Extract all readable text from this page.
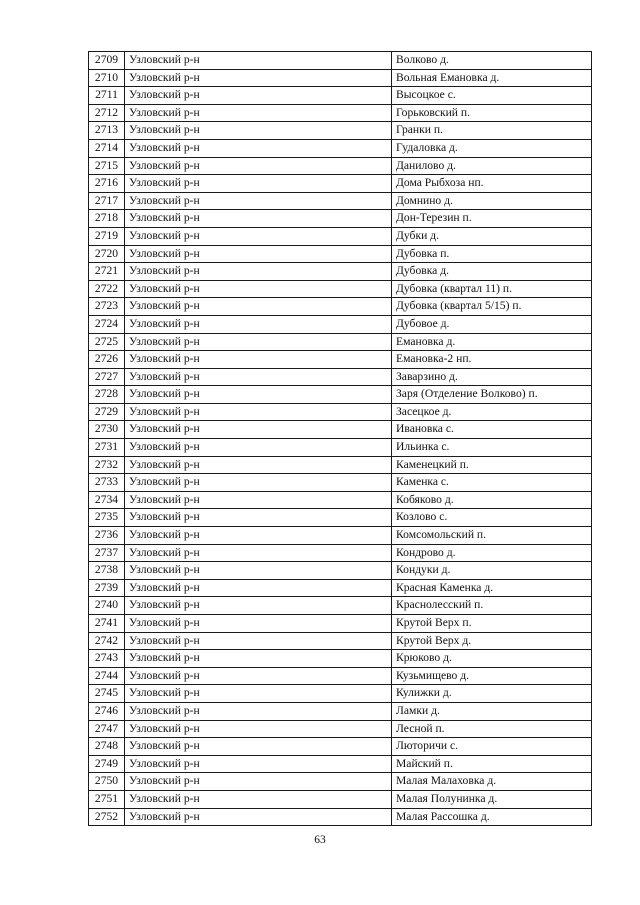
2709	Узловский р-н	Волково д.
2710	Узловский р-н	Вольная Емановка д.
2711	Узловский р-н	Высоцкое с.
2712	Узловский р-н	Горьковский п.
2713	Узловский р-н	Гранки п.
2714	Узловский р-н	Гудаловка д.
2715	Узловский р-н	Данилово д.
2716	Узловский р-н	Дома Рыбхоза нп.
2717	Узловский р-н	Домнино д.
2718	Узловский р-н	Дон-Терезин п.
2719	Узловский р-н	Дубки д.
2720	Узловский р-н	Дубовка п.
2721	Узловский р-н	Дубовка д.
2722	Узловский р-н	Дубовка (квартал 11) п.
2723	Узловский р-н	Дубовка (квартал 5/15) п.
2724	Узловский р-н	Дубовое д.
2725	Узловский р-н	Емановка д.
2726	Узловский р-н	Емановка-2 нп.
2727	Узловский р-н	Заварзино д.
2728	Узловский р-н	Заря (Отделение Волково) п.
2729	Узловский р-н	Засецкое д.
2730	Узловский р-н	Ивановка с.
2731	Узловский р-н	Ильинка с.
2732	Узловский р-н	Каменецкий п.
2733	Узловский р-н	Каменка с.
2734	Узловский р-н	Кобяково д.
2735	Узловский р-н	Козлово с.
2736	Узловский р-н	Комсомольский п.
2737	Узловский р-н	Кондрово д.
2738	Узловский р-н	Кондуки д.
2739	Узловский р-н	Красная Каменка д.
2740	Узловский р-н	Краснолесский п.
2741	Узловский р-н	Крутой Верх п.
2742	Узловский р-н	Крутой Верх д.
2743	Узловский р-н	Крюково д.
2744	Узловский р-н	Кузьмищево д.
2745	Узловский р-н	Кулижки д.
2746	Узловский р-н	Ламки д.
2747	Узловский р-н	Лесной п.
2748	Узловский р-н	Люторичи с.
2749	Узловский р-н	Майский п.
2750	Узловский р-н	Малая Малаховка д.
2751	Узловский р-н	Малая Полунинка д.
2752	Узловский р-н	Малая Рассошка д.
63
